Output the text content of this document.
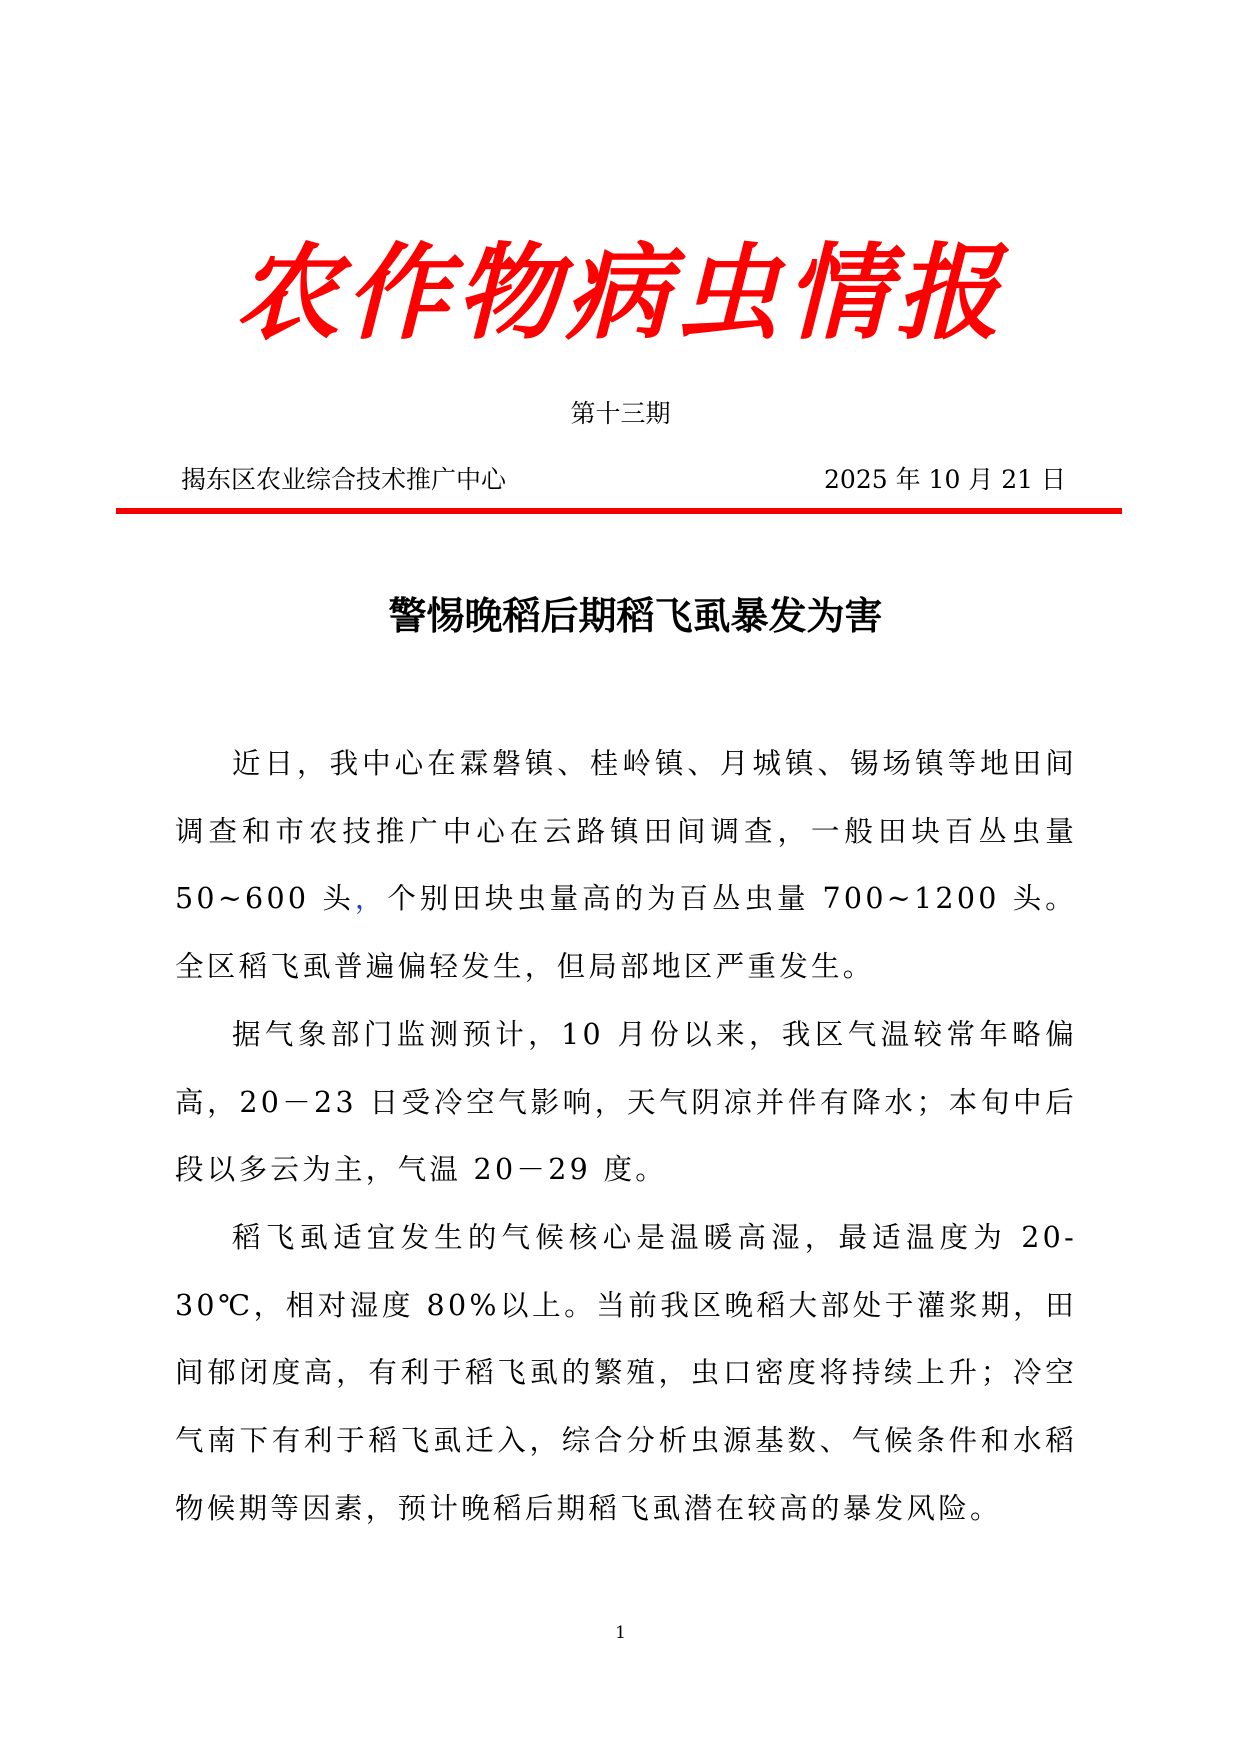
农作物病虫情报
第十三期
揭东区农业综合技术推广中心	2025 年 10 月 21 日
警惕晚稻后期稻飞虱暴发为害

近日，我中心在霖磐镇、桂岭镇、月城镇、锡场镇等地田间调查和市农技推广中心在云路镇田间调查，一般田块百丛虫量 50~600 头，个别田块虫量高的为百丛虫量 700~1200 头。全区稻飞虱普遍偏轻发生，但局部地区严重发生。

据气象部门监测预计，10 月份以来，我区气温较常年略偏高，20－23 日受冷空气影响，天气阴凉并伴有降水；本旬中后段以多云为主，气温 20－29 度。

稻飞虱适宜发生的气候核心是温暖高湿，最适温度为 20-30℃，相对湿度 80%以上。当前我区晚稻大部处于灌浆期，田间郁闭度高，有利于稻飞虱的繁殖，虫口密度将持续上升；冷空气南下有利于稻飞虱迁入，综合分析虫源基数、气候条件和水稻物候期等因素，预计晚稻后期稻飞虱潜在较高的暴发风险。

1
